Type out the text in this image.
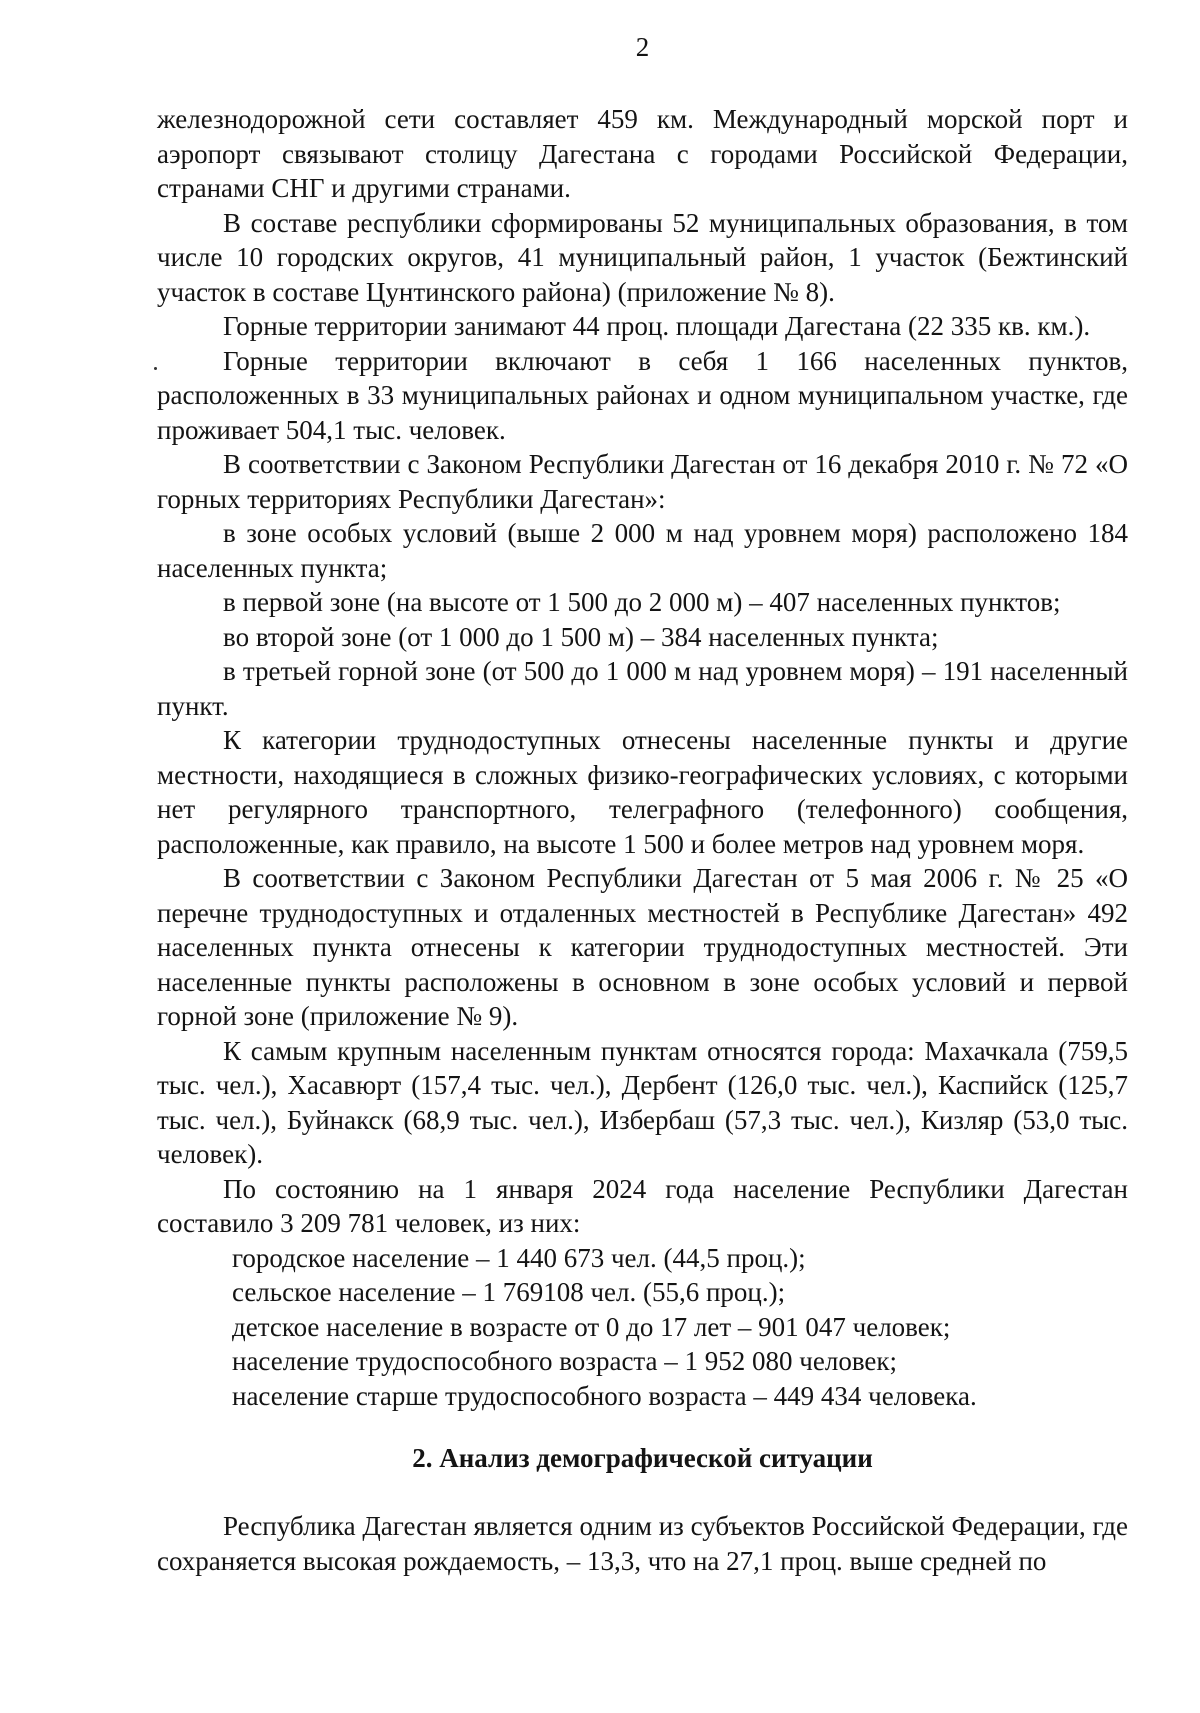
2

железнодорожной сети составляет 459 км. Международный морской порт и аэропорт связывают столицу Дагестана с городами Российской Федерации, странами СНГ и другими странами.

В составе республики сформированы 52 муниципальных образования, в том числе 10 городских округов, 41 муниципальный район, 1 участок (Бежтинский участок в составе Цунтинского района) (приложение № 8).

Горные территории занимают 44 проц. площади Дагестана (22 335 кв. км.).

Горные территории включают в себя 1 166 населенных пунктов, расположенных в 33 муниципальных районах и одном муниципальном участке, где проживает 504,1 тыс. человек.

В соответствии с Законом Республики Дагестан от 16 декабря 2010 г. № 72 «О горных территориях Республики Дагестан»:

в зоне особых условий (выше 2 000 м над уровнем моря) расположено 184 населенных пункта;

в первой зоне (на высоте от 1 500 до 2 000 м) – 407 населенных пунктов;

во второй зоне (от 1 000 до 1 500 м) – 384 населенных пункта;

в третьей горной зоне (от 500 до 1 000 м над уровнем моря) – 191 населенный пункт.

К категории труднодоступных отнесены населенные пункты и другие местности, находящиеся в сложных физико-географических условиях, с которыми нет регулярного транспортного, телеграфного (телефонного) сообщения, расположенные, как правило, на высоте 1 500 и более метров над уровнем моря.

В соответствии с Законом Республики Дагестан от 5 мая 2006 г. № 25 «О перечне труднодоступных и отдаленных местностей в Республике Дагестан» 492 населенных пункта отнесены к категории труднодоступных местностей. Эти населенные пункты расположены в основном в зоне особых условий и первой горной зоне (приложение № 9).

К самым крупным населенным пунктам относятся города: Махачкала (759,5 тыс. чел.), Хасавюрт (157,4 тыс. чел.), Дербент (126,0 тыс. чел.), Каспийск (125,7 тыс. чел.), Буйнакск (68,9 тыс. чел.), Избербаш (57,3 тыс. чел.), Кизляр (53,0 тыс. человек).

По состоянию на 1 января 2024 года население Республики Дагестан составило 3 209 781 человек, из них:

городское население – 1 440 673 чел. (44,5 проц.);

сельское население – 1 769108 чел. (55,6 проц.);

детское население в возрасте от 0 до 17 лет – 901 047 человек;

население трудоспособного возраста – 1 952 080 человек;

население старше трудоспособного возраста – 449 434 человека.

2. Анализ демографической ситуации

Республика Дагестан является одним из субъектов Российской Федерации, где сохраняется высокая рождаемость, – 13,3, что на 27,1 проц. выше средней по
